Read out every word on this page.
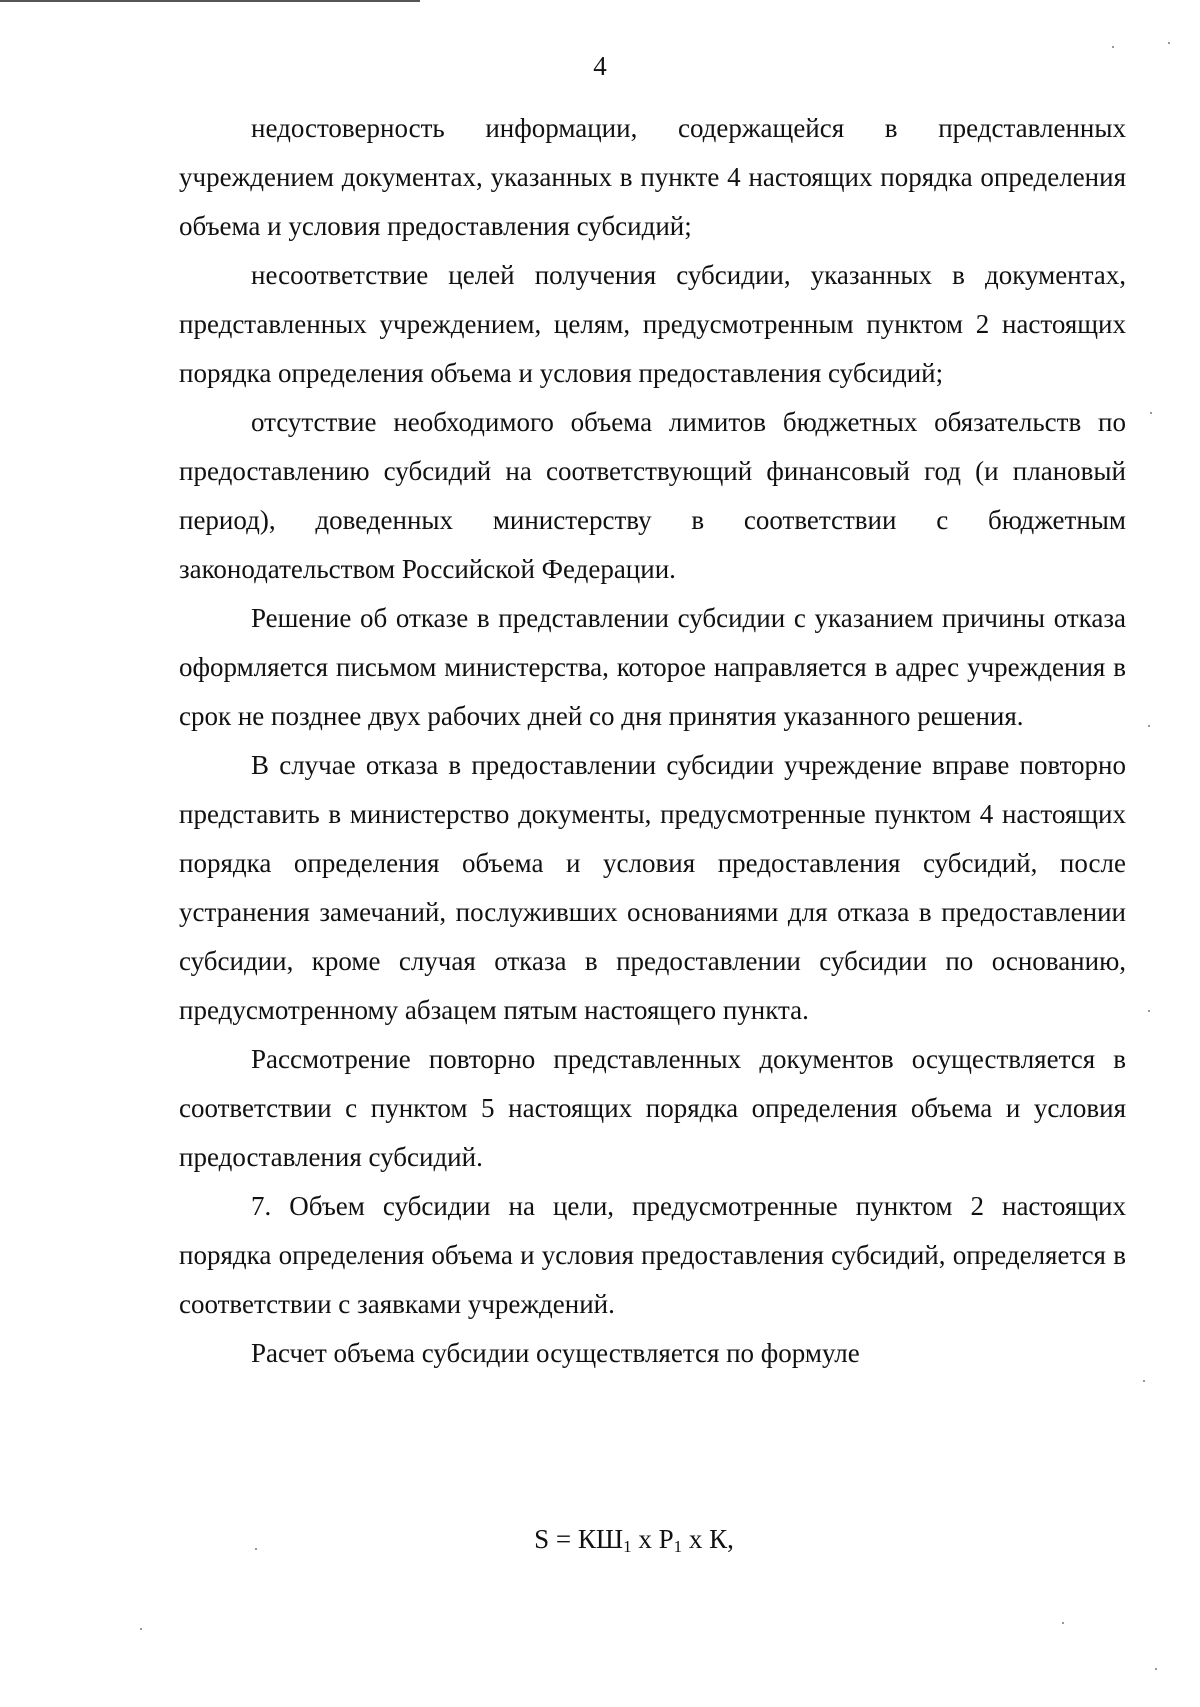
4

недостоверность информации, содержащейся в представленных учреждением документах, указанных в пункте 4 настоящих порядка определения объема и условия предоставления субсидий;

несоответствие целей получения субсидии, указанных в документах, представленных учреждением, целям, предусмотренным пунктом 2 настоящих порядка определения объема и условия предоставления субсидий;

отсутствие необходимого объема лимитов бюджетных обязательств по предоставлению субсидий на соответствующий финансовый год (и плановый период), доведенных министерству в соответствии с бюджетным законодательством Российской Федерации.

Решение об отказе в представлении субсидии с указанием причины отказа оформляется письмом министерства, которое направляется в адрес учреждения в срок не позднее двух рабочих дней со дня принятия указанного решения.

В случае отказа в предоставлении субсидии учреждение вправе повторно представить в министерство документы, предусмотренные пунктом 4 настоящих порядка определения объема и условия предоставления субсидий, после устранения замечаний, послуживших основаниями для отказа в предоставлении субсидии, кроме случая отказа в предоставлении субсидии по основанию, предусмотренному абзацем пятым настоящего пункта.

Рассмотрение повторно представленных документов осуществляется в соответствии с пунктом 5 настоящих порядка определения объема и условия предоставления субсидий.

7. Объем субсидии на цели, предусмотренные пунктом 2 настоящих порядка определения объема и условия предоставления субсидий, определяется в соответствии с заявками учреждений.

Расчет объема субсидии осуществляется по формуле

$S = КШ_1$ x $P_1$ x К,
